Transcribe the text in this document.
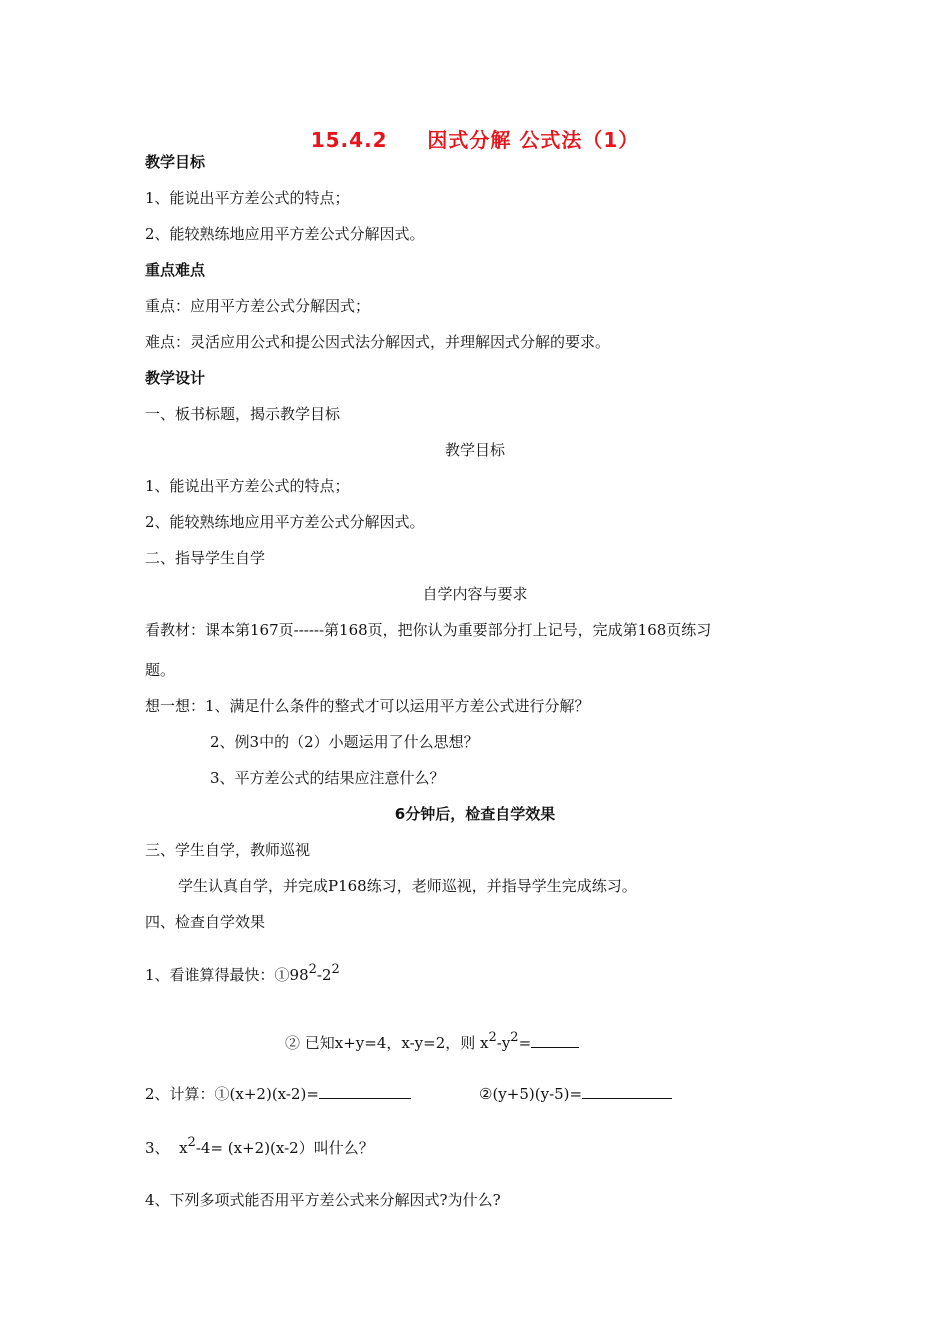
15.4.2     因式分解 公式法（1）
教学目标
1、能说出平方差公式的特点；
2、能较熟练地应用平方差公式分解因式。
重点难点
重点：应用平方差公式分解因式；
难点：灵活应用公式和提公因式法分解因式，并理解因式分解的要求。
教学设计
一、板书标题，揭示教学目标
教学目标
1、能说出平方差公式的特点；
2、能较熟练地应用平方差公式分解因式。
二、指导学生自学
自学内容与要求
看教材：课本第167页------第168页，把你认为重要部分打上记号，完成第168页练习
题。
想一想：1、满足什么条件的整式才可以运用平方差公式进行分解？
2、例3中的（2）小题运用了什么思想？
3、平方差公式的结果应注意什么？
6分钟后，检查自学效果
三、学生自学，教师巡视
学生认真自学，并完成P168练习，老师巡视，并指导学生完成练习。
四、检查自学效果
1、看谁算得最快：$①98^2-2^2$
② 已知x+y=4，x-y=2，则 $x^2-y^2=$
2、计算：①(x+2)(x-2)=	②(y+5)(y-5)=
3、  $x^2-4= (x+2)(x-2)$叫什么？
4、下列多项式能否用平方差公式来分解因式?为什么?
